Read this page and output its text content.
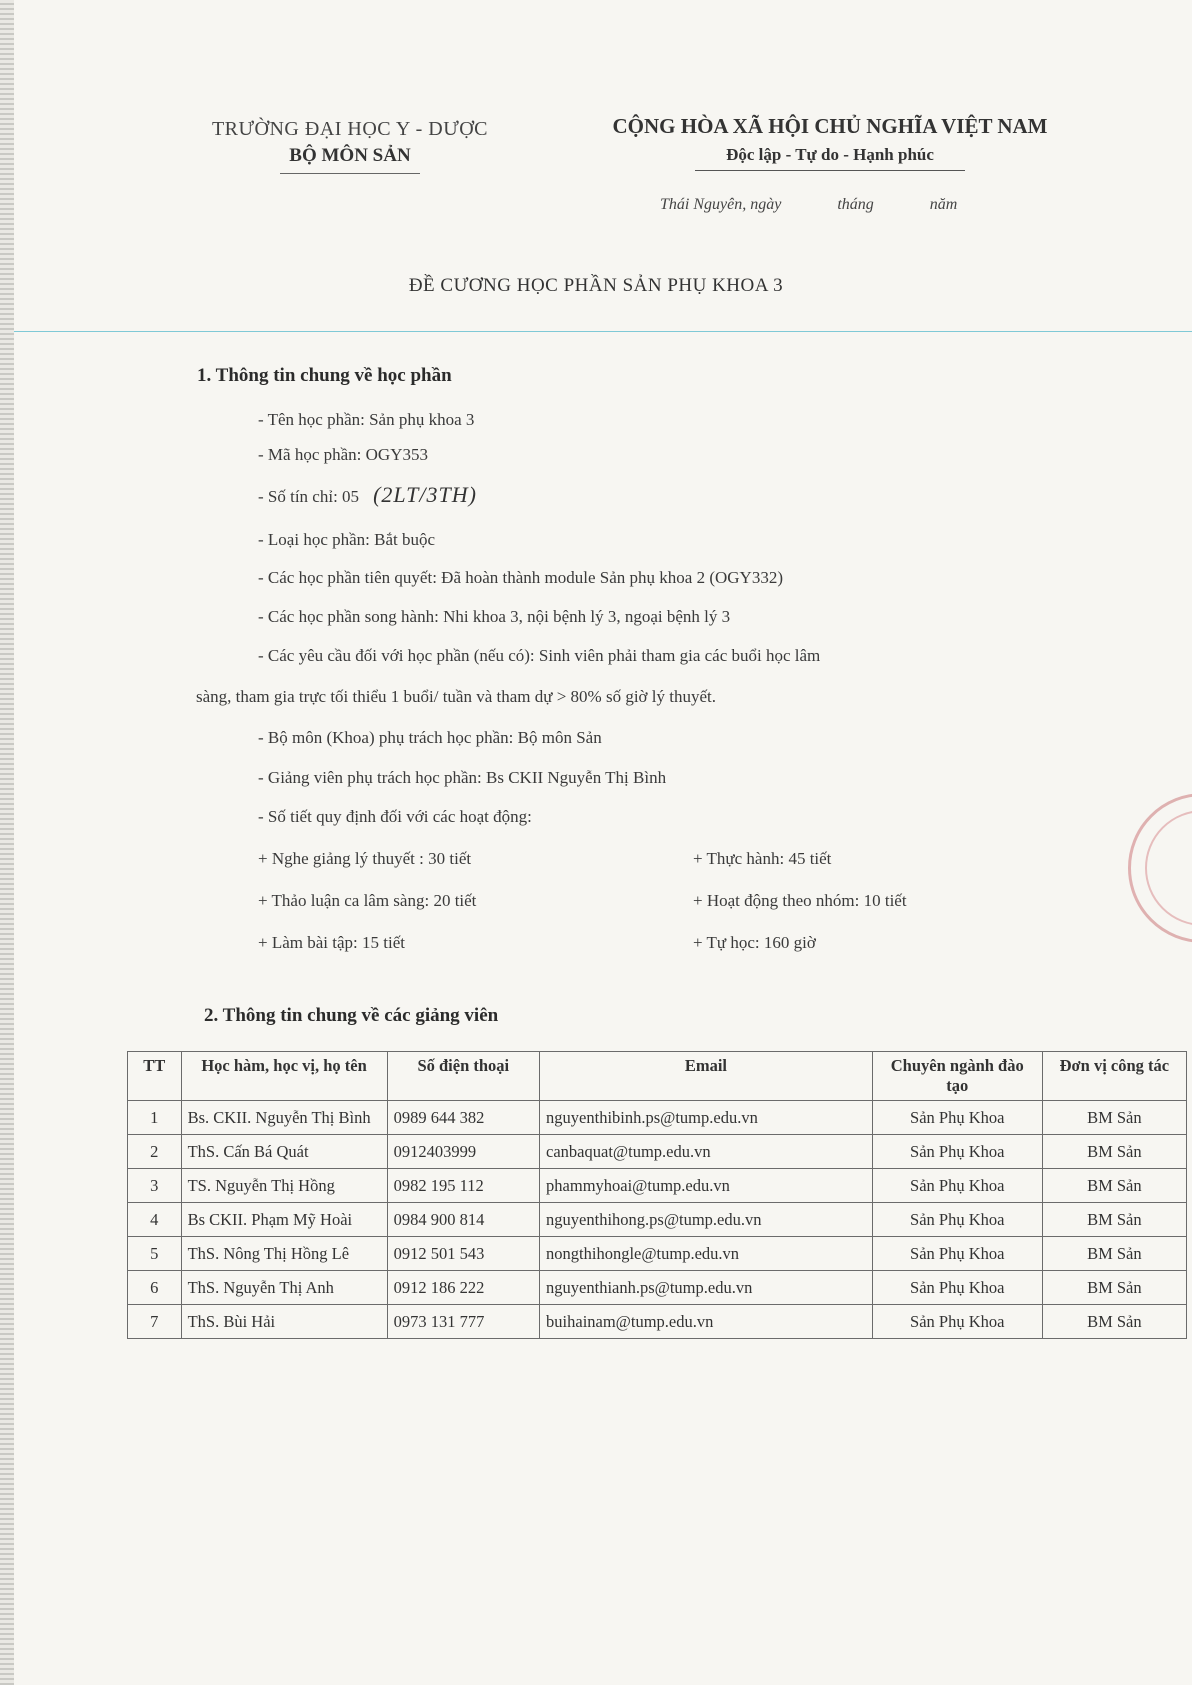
TRƯỜNG ĐẠI HỌC Y - DƯỢC
BỘ MÔN SẢN
CỘNG HÒA XÃ HỘI CHỦ NGHĨA VIỆT NAM
Độc lập - Tự do - Hạnh phúc
Thái Nguyên, ngày	tháng	năm
ĐỀ CƯƠNG HỌC PHẦN SẢN PHỤ KHOA 3
1. Thông tin chung về học phần
- Tên học phần: Sản phụ khoa 3
- Mã học phần: OGY353
- Số tín chỉ: 05 (2LT/3TH)
- Loại học phần: Bắt buộc
- Các học phần tiên quyết: Đã hoàn thành module Sản phụ khoa 2 (OGY332)
- Các học phần song hành: Nhi khoa 3, nội bệnh lý 3, ngoại bệnh lý 3
- Các yêu cầu đối với học phần (nếu có): Sinh viên phải tham gia các buổi học lâm
sàng, tham gia trực tối thiểu 1 buổi/ tuần và tham dự > 80% số giờ lý thuyết.
- Bộ môn (Khoa) phụ trách học phần: Bộ môn Sản
- Giảng viên phụ trách học phần: Bs CKII Nguyễn Thị Bình
- Số tiết quy định đối với các hoạt động:
+ Nghe giảng lý thuyết : 30 tiết	+ Thực hành: 45 tiết
+ Thảo luận ca lâm sàng: 20 tiết	+ Hoạt động theo nhóm: 10 tiết
+ Làm bài tập: 15 tiết	+ Tự học: 160 giờ
2. Thông tin chung về các giảng viên
TT	Học hàm, học vị, họ tên	Số điện thoại	Email	Chuyên ngành đào tạo	Đơn vị công tác
1	Bs. CKII. Nguyễn Thị Bình	0989 644 382	nguyenthibinh.ps@tump.edu.vn	Sản Phụ Khoa	BM Sản
2	ThS. Cấn Bá Quát	0912403999	canbaquat@tump.edu.vn	Sản Phụ Khoa	BM Sản
3	TS. Nguyễn Thị Hồng	0982 195 112	phammyhoai@tump.edu.vn	Sản Phụ Khoa	BM Sản
4	Bs CKII. Phạm Mỹ Hoài	0984 900 814	nguyenthihong.ps@tump.edu.vn	Sản Phụ Khoa	BM Sản
5	ThS. Nông Thị Hồng Lê	0912 501 543	nongthihongle@tump.edu.vn	Sản Phụ Khoa	BM Sản
6	ThS. Nguyễn Thị Anh	0912 186 222	nguyenthianh.ps@tump.edu.vn	Sản Phụ Khoa	BM Sản
7	ThS. Bùi Hải	0973 131 777	buihainam@tump.edu.vn	Sản Phụ Khoa	BM Sản
